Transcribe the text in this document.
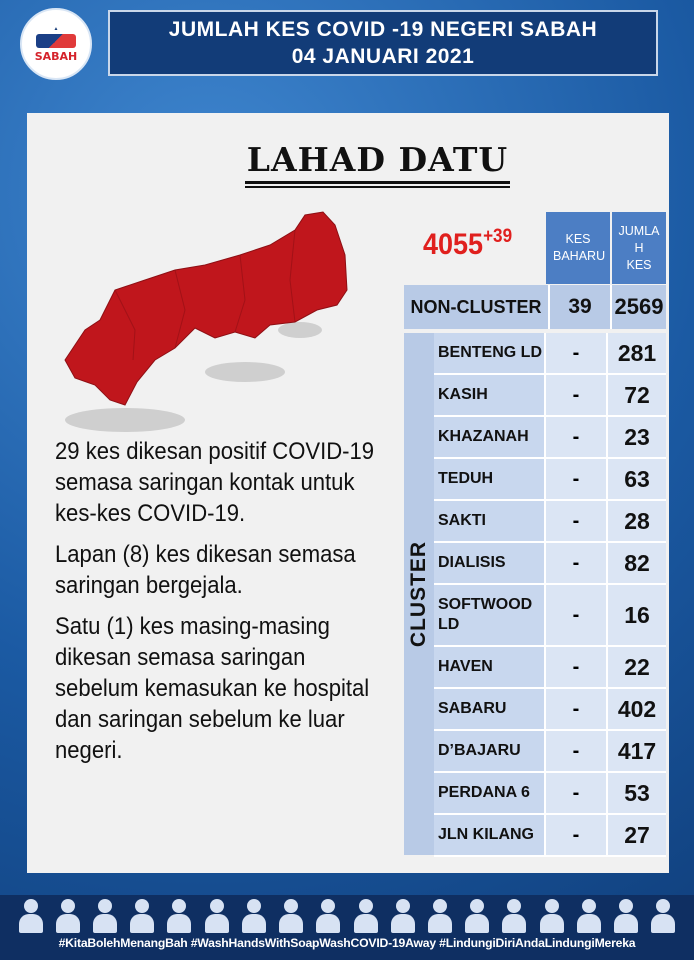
▲
SABAH
JUMLAH KES COVID -19 NEGERI SABAH
04 JANUARI 2021
LAHAD DATU
$4055^{+39}$

29 kes dikesan positif COVID-19 semasa saringan kontak untuk kes-kes COVID-19.

Lapan (8) kes dikesan semasa saringan bergejala.

Satu (1) kes masing-masing dikesan semasa saringan sebelum kemasukan ke hospital dan saringan sebelum ke luar negeri.

KES BAHARU
JUMLA
H
KES
NON-CLUSTER	39	2569
CLUSTER
BENTENG LD	-	281
KASIH	-	72
KHAZANAH	-	23
TEDUH	-	63
SAKTI	-	28
DIALISIS	-	82
SOFTWOOD LD	-	16
HAVEN	-	22
SABARU	-	402
D’BAJARU	-	417
PERDANA 6	-	53
JLN KILANG	-	27
#KitaBolehMenangBah #WashHandsWithSoapWashCOVID-19Away #LindungiDiriAndaLindungiMereka
